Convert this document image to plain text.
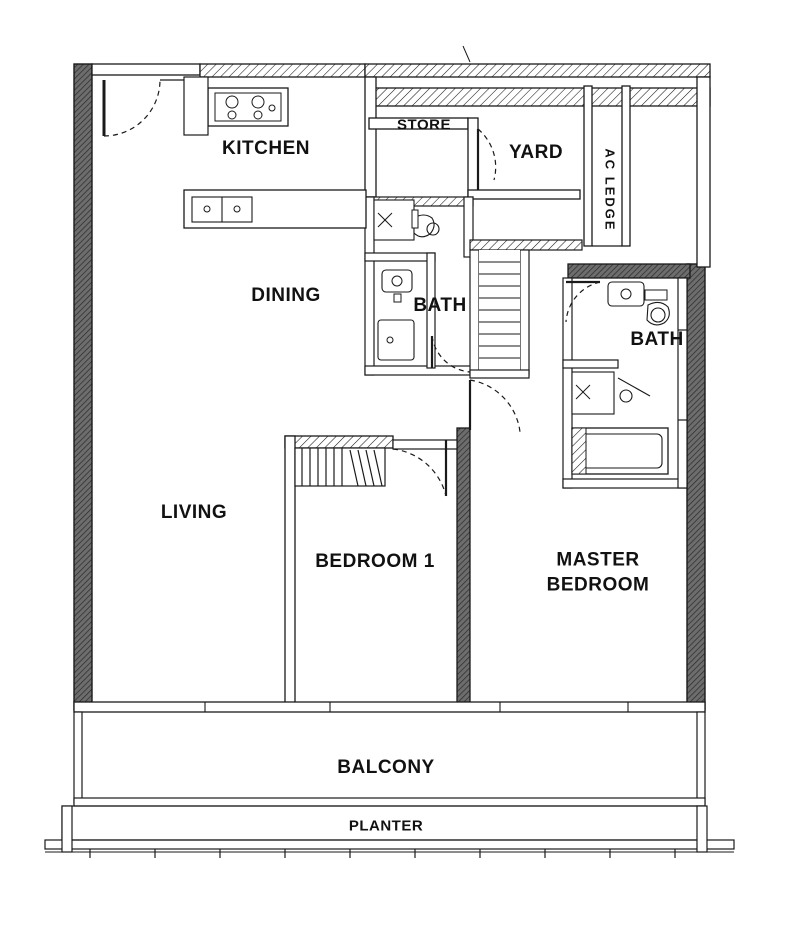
KITCHEN
STORE
YARD	AC LEDGE
DINING	BATH
BATH
LIVING
BEDROOM 1	MASTER
BEDROOM
BALCONY
PLANTER
